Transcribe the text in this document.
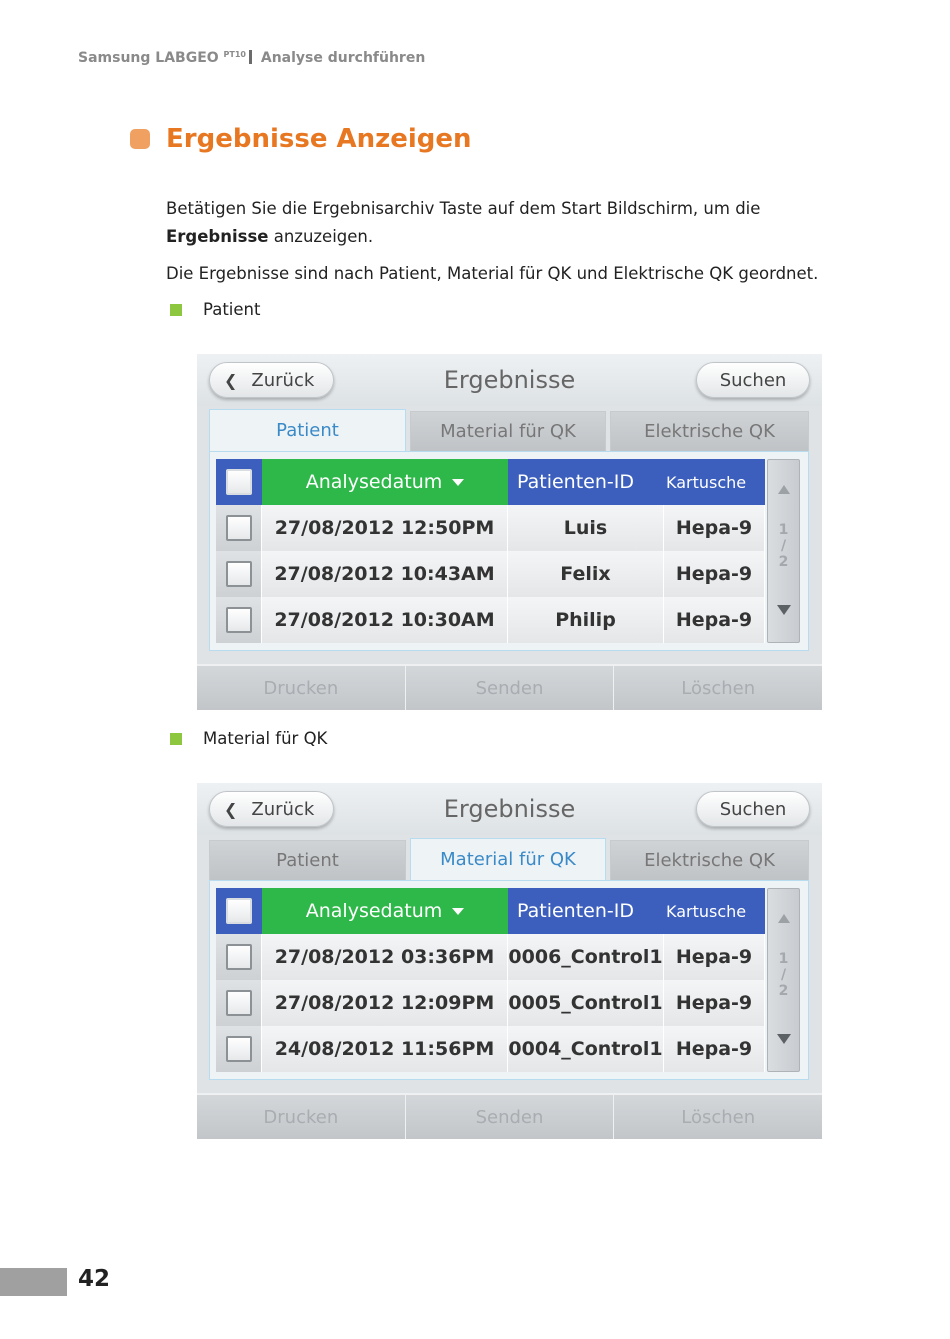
Samsung LABGEO $^{PT10}$ Analyse durchführen
Ergebnisse Anzeigen
Betätigen Sie die Ergebnisarchiv Taste auf dem Start Bildschirm, um die Ergebnisse anzuzeigen.
Die Ergebnisse sind nach Patient, Material für QK und Elektrische QK geordnet.
Patient
❮ Zurück	Ergebnisse	Suchen
Patient	Material für QK	Elektrische QK
Analysedatum	Patienten-ID	Kartusche
27/08/2012 12:50PM	Luis	Hepa-9
27/08/2012 10:43AM	Felix	Hepa-9
27/08/2012 10:30AM	Philip	Hepa-9
1
/
2
Drucken	Senden	Löschen
Material für QK
❮ Zurück	Ergebnisse	Suchen
Patient	Material für QK	Elektrische QK
Analysedatum	Patienten-ID	Kartusche
27/08/2012 03:36PM 0006_Control1 Hepa-9
27/08/2012 12:09PM 0005_Control1 Hepa-9
24/08/2012 11:56PM 0004_Control1 Hepa-9
1
/
2
Drucken	Senden	Löschen
42
